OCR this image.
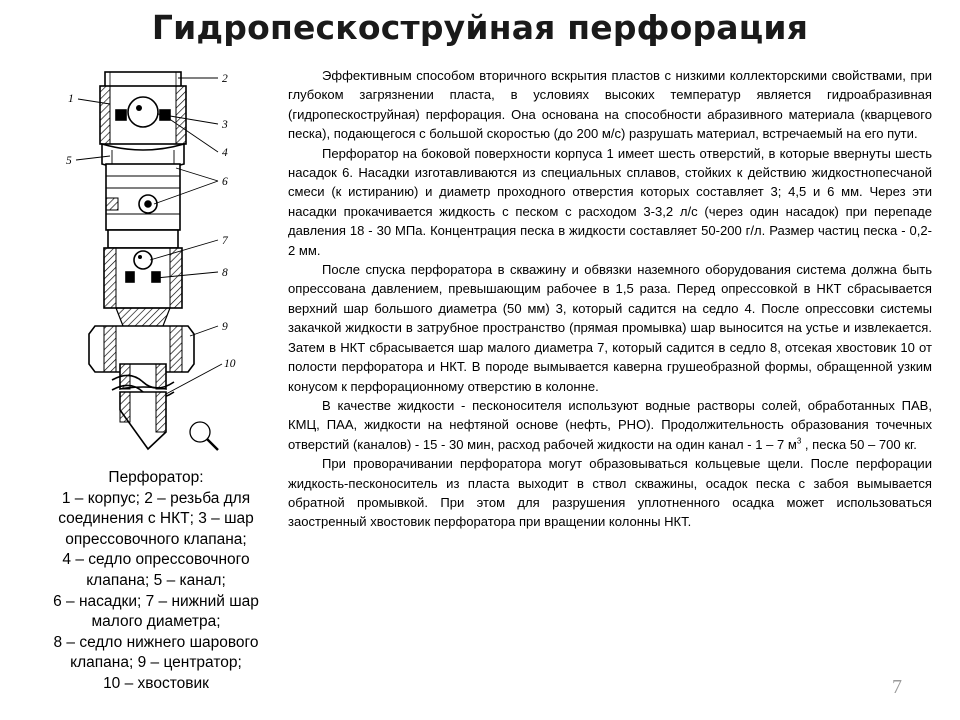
Гидропескоструйная перфорация
1
2
3
4
5
6
7
8
9
10
Перфоратор:
1 – корпус; 2 – резьба для
соединения с НКТ; 3 – шар
опрессовочного клапана;
4 – седло опрессовочного
клапана; 5 – канал;
6 – насадки; 7 – нижний шар
малого диаметра;
8 – седло нижнего шарового
клапана; 9 – центратор;
10 – хвостовик

Эффективным способом вторичного вскрытия пластов с низкими коллекторскими свойствами, при глубоком загрязнении пласта, в условиях высоких температур является гидроабразивная (гидропескоструйная) перфорация. Она основана на способности абразивного материала (кварцевого песка), подающегося с большой скоростью (до 200 м/с) разрушать материал, встречаемый на его пути.

Перфоратор на боковой поверхности корпуса 1 имеет шесть отверстий, в которые ввернуты шесть насадок 6. Насадки изготавливаются из специальных сплавов, стойких к действию жидкостнопесчаной смеси (к истиранию) и диаметр проходного отверстия которых составляет 3; 4,5 и 6 мм. Через эти насадки прокачивается жидкость с песком с расходом 3-3,2 л/с (через один насадок) при перепаде давления 18 - 30 МПа. Концентрация песка в жидкости составляет 50-200 г/л. Размер частиц песка - 0,2-2 мм.

После спуска перфоратора в скважину и обвязки наземного оборудования система должна быть опрессована давлением, превышающим рабочее в 1,5 раза. Перед опрессовкой в НКТ сбрасывается верхний шар большого диаметра (50 мм) 3, который садится на седло 4. После опрессовки системы закачкой жидкости в затрубное пространство (прямая промывка) шар выносится на устье и извлекается. Затем в НКТ сбрасывается шар малого диаметра 7, который садится в седло 8, отсекая хвостовик 10 от полости перфоратора и НКТ. В породе вымывается каверна грушеобразной формы, обращенной узким конусом к перфорационному отверстию в колонне.

В качестве жидкости - песконосителя используют водные растворы солей, обработанных ПАВ, КМЦ, ПАА, жидкости на нефтяной основе (нефть, РНО). Продолжительность образования точечных отверстий (каналов) - 15 - 30 мин, расход рабочей жидкости на один канал - 1 – 7 $м^3$ , песка 50 – 700 кг.

При проворачивании перфоратора могут образовываться кольцевые щели. После перфорации жидкость-песконоситель из пласта выходит в ствол скважины, осадок песка с забоя вымывается обратной промывкой. При этом для разрушения уплотненного осадка может использоваться заостренный хвостовик перфоратора при вращении колонны НКТ.

7
